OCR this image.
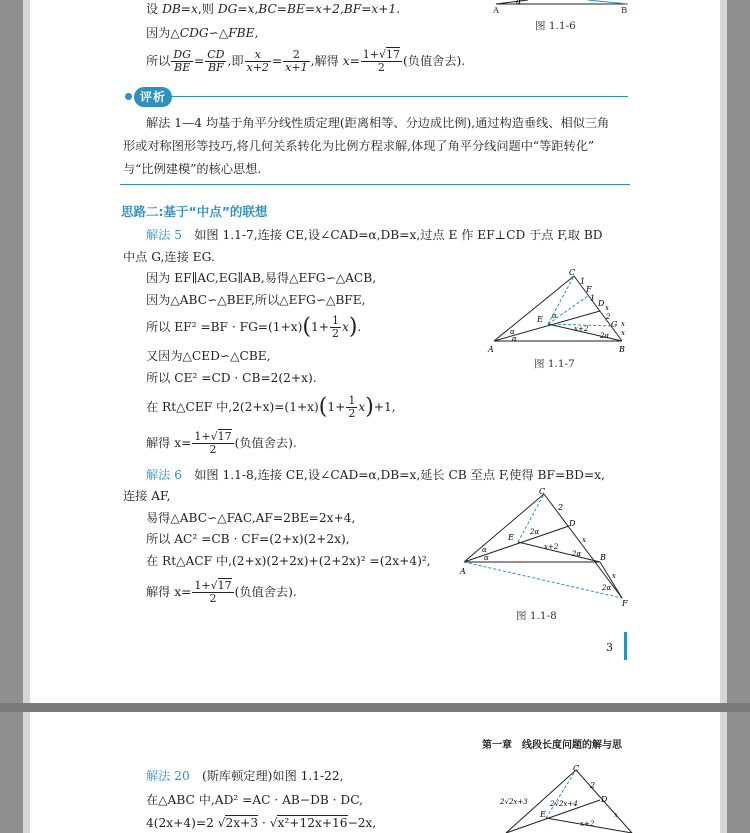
设 DB=x,则 DG=x,BC=BE=x+2,BF=x+1.
因为△CDG∽△FBE,
所以 $\frac{DG}{BE} = \frac{CD}{BF}$ ,即 $\frac{x}{x+2} = \frac{2}{x+1}$ ,解得 $x= \frac{1+√17}{2}$ (负值舍去).
α
A	B
图 1.1-6
评析
解法 1—4 均基于角平分线性质定理(距离相等、分边成比例),通过构造垂线、相似三角
形或对称图形等技巧,将几何关系转化为比例方程求解,体现了角平分线问题中“等距转化”
与“比例建模”的核心思想.
思路二:基于“中点”的联想
解法 5　 如图 1.1-7,连接 CE,设∠CAD=α,DB=x,过点 E 作 EF⊥CD 于点 F,取 BD
中点 G,连接 EG.
因为 EF∥AC,EG∥AB,易得△EFG∽△ACB,
因为△ABC∽△BEF,所以△EFG∽△BFE,
所以 $EF^2 =BF \cdot FG=(1+x)(1+ \frac{1}{2} x)$.
又因为△CED∽△CBE,
所以 CE² =CD · CB=2(2+x).
在 Rt△CEF 中$,2(2+x)=(1+x)(1+ \frac{1}{2} x)+1$,
解得 $x= \frac{1+√17}{2}$ (负值舍去).
C
1
F
1
D x
2
E
G x
x+2
2α x
α
α
α
A	B
图 1.1-7
解法 6　 如图 1.1-8,连接 CE,设∠CAD=α,DB=x,延长 CB 至点 F,使得 BF=BD=x,
连接 AF,
易得△ABC∽△FAC,AF=2BE=2x+4,
所以 AC² =CB · CF=(2+x)(2+2x),
在 Rt△ACF 中,(2+x)(2+2x)+(2+2x)² =(2x+4)²,
解得 $x= \frac{1+√17}{2}$ (负值舍去).
C
2
D
2α
E
x+2
x
2α
α
α
A
B
x
2α
F
图 1.1-8
3
第一章　线段长度问题的解与思
解法 20　 (斯库顿定理)如图 1.1-22,
在△ABC 中,AD² =AC · AB−DB · DC,
4(2x+4)=2 √2x+3 · √x²+12x+16−2x,
C
2
2√2x+3	2√2x+4	D
E	x
x+2
